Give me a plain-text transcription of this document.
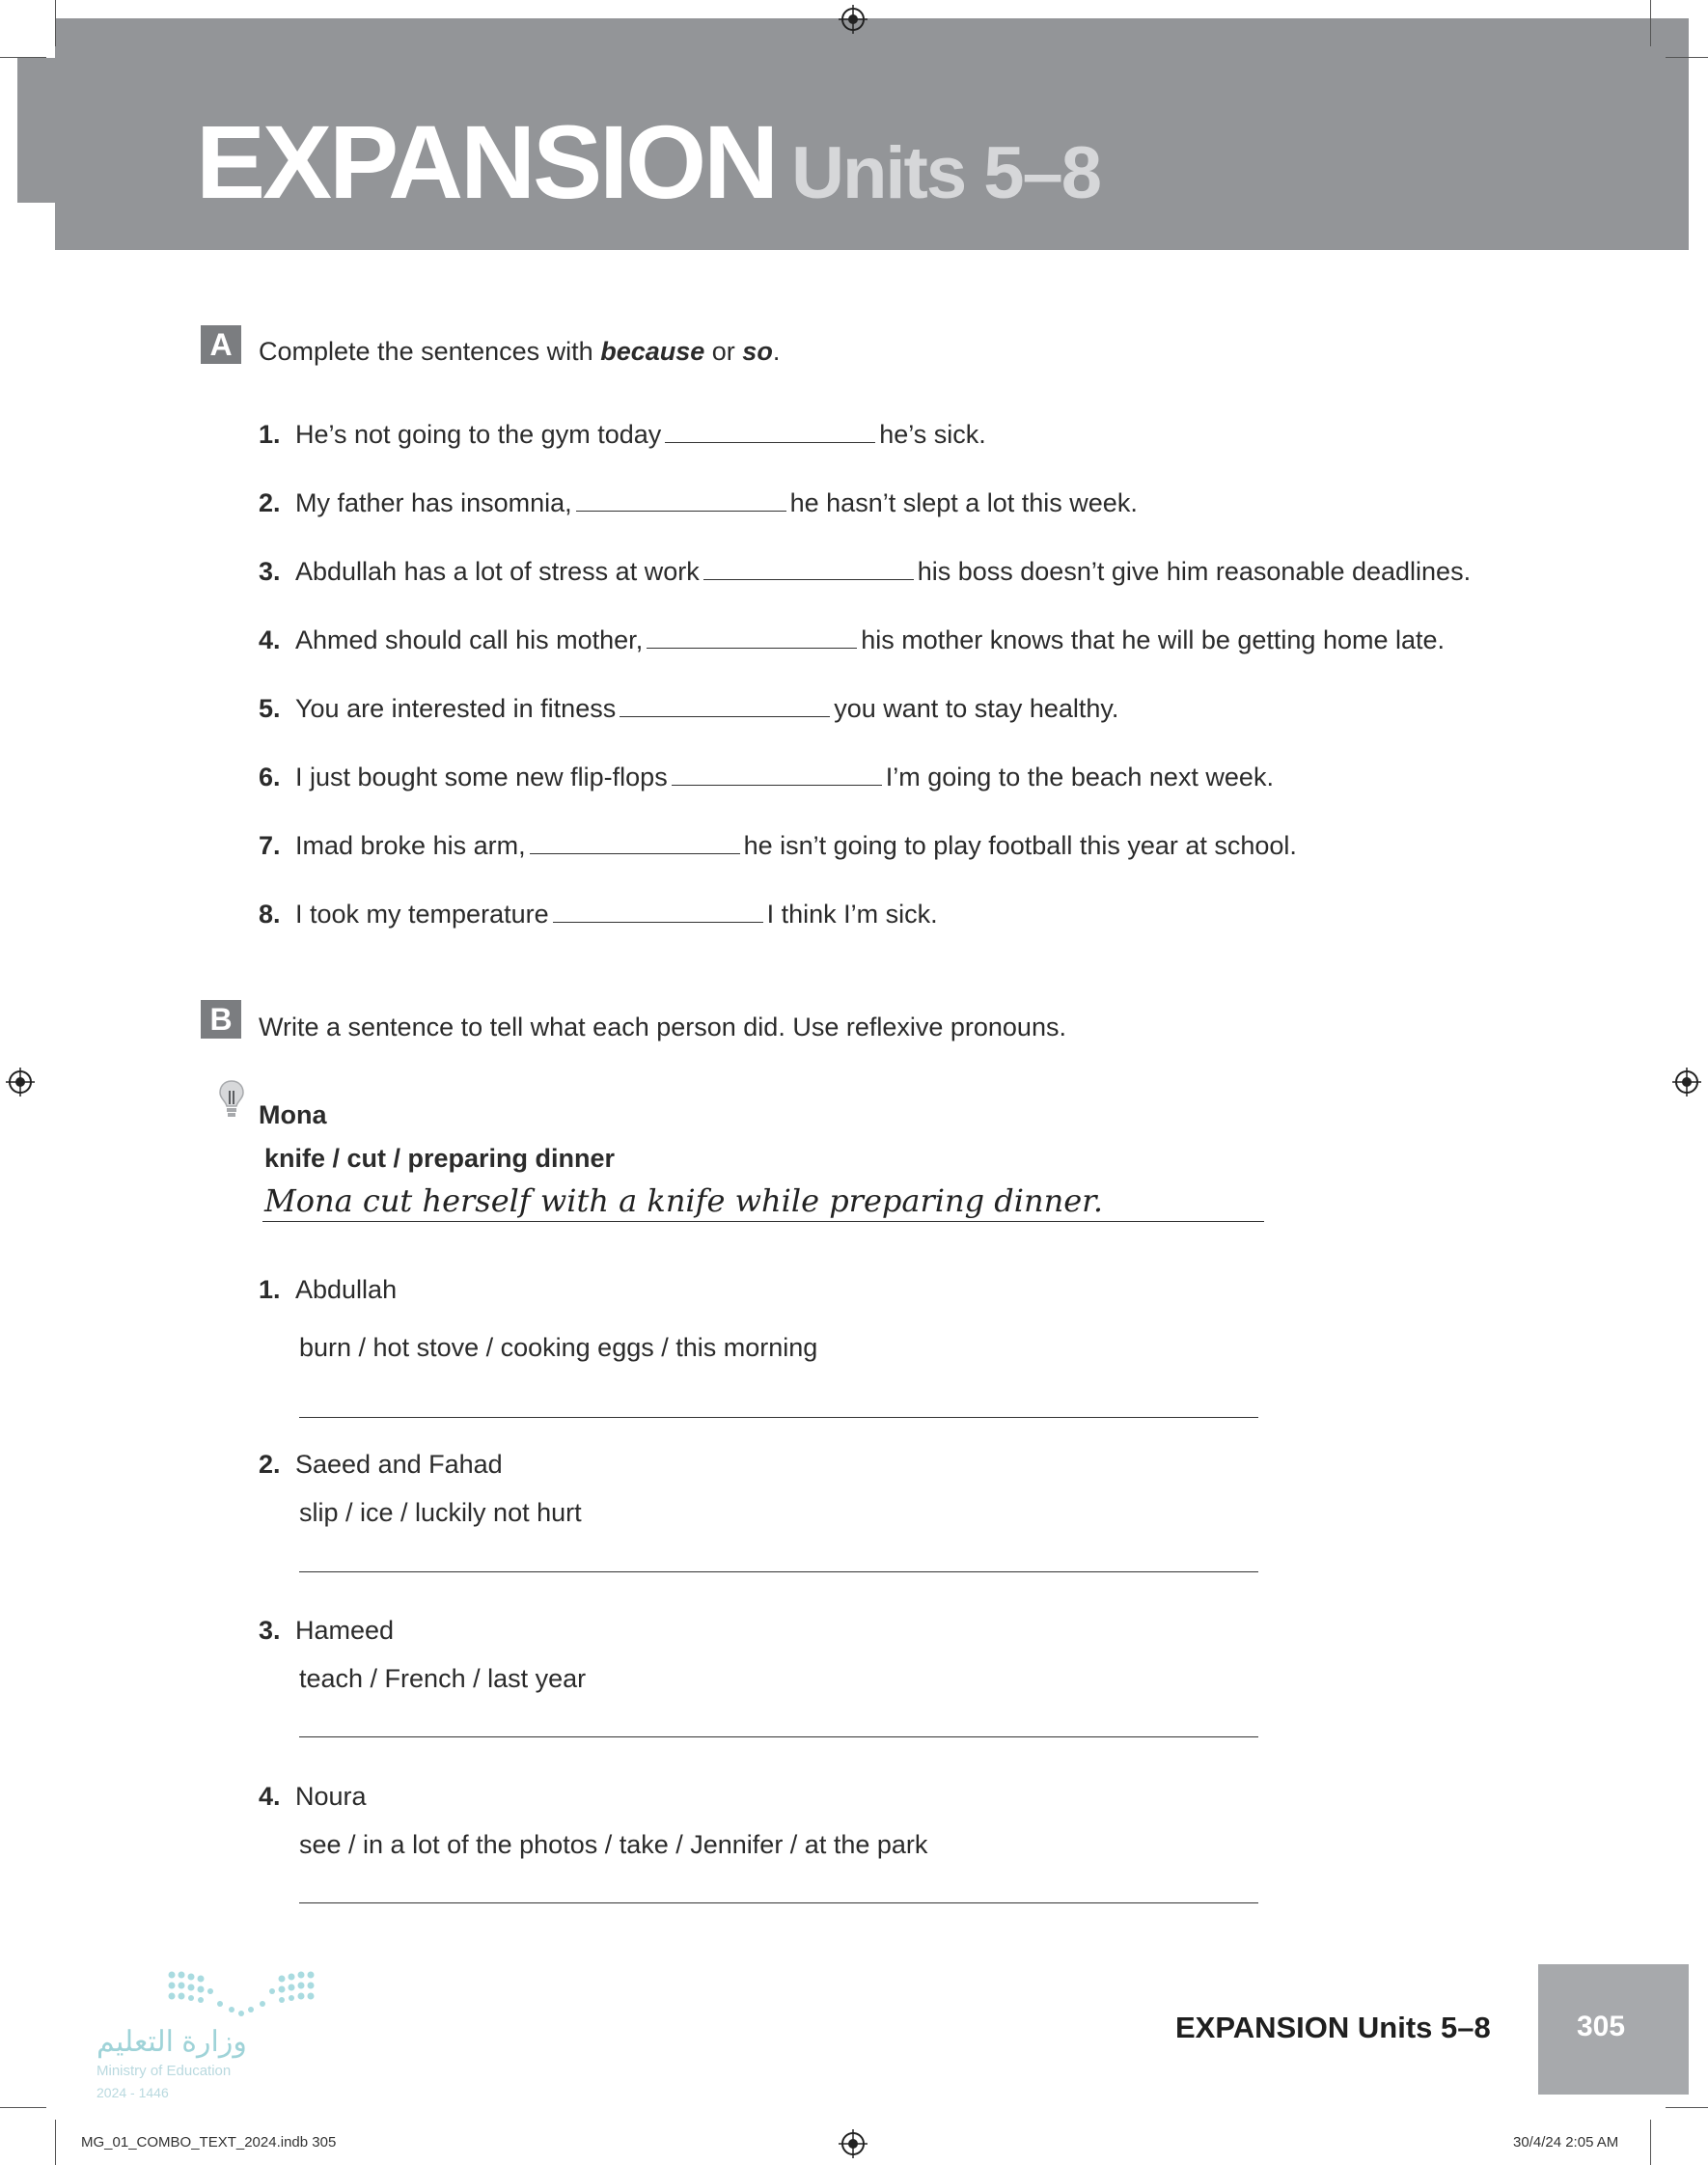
EXPANSION Units 5–8
A	Complete the sentences with because or so.
1. He’s not going to the gym today	he’s sick.
2. My father has insomnia,	he hasn’t slept a lot this week.
3. Abdullah has a lot of stress at work	his boss doesn’t give him reasonable deadlines.
4. Ahmed should call his mother,	his mother knows that he will be getting home late.
5. You are interested in fitness	you want to stay healthy.
6. I just bought some new flip-flops	I’m going to the beach next week.
7. Imad broke his arm,	he isn’t going to play football this year at school.
8. I took my temperature	I think I’m sick.
B	Write a sentence to tell what each person did. Use reflexive pronouns.
Mona
knife / cut / preparing dinner
Mona cut herself with a knife while preparing dinner.
1. Abdullah
burn / hot stove / cooking eggs / this morning
2. Saeed and Fahad
slip / ice / luckily not hurt
3. Hameed
teach / French / last year
4. Noura
see / in a lot of the photos / take / Jennifer / at the park
وزارة التعليم
Ministry of Education
2024 - 1446
EXPANSION Units 5–8	305
MG_01_COMBO_TEXT_2024.indb 305	30/4/24 2:05 AM
